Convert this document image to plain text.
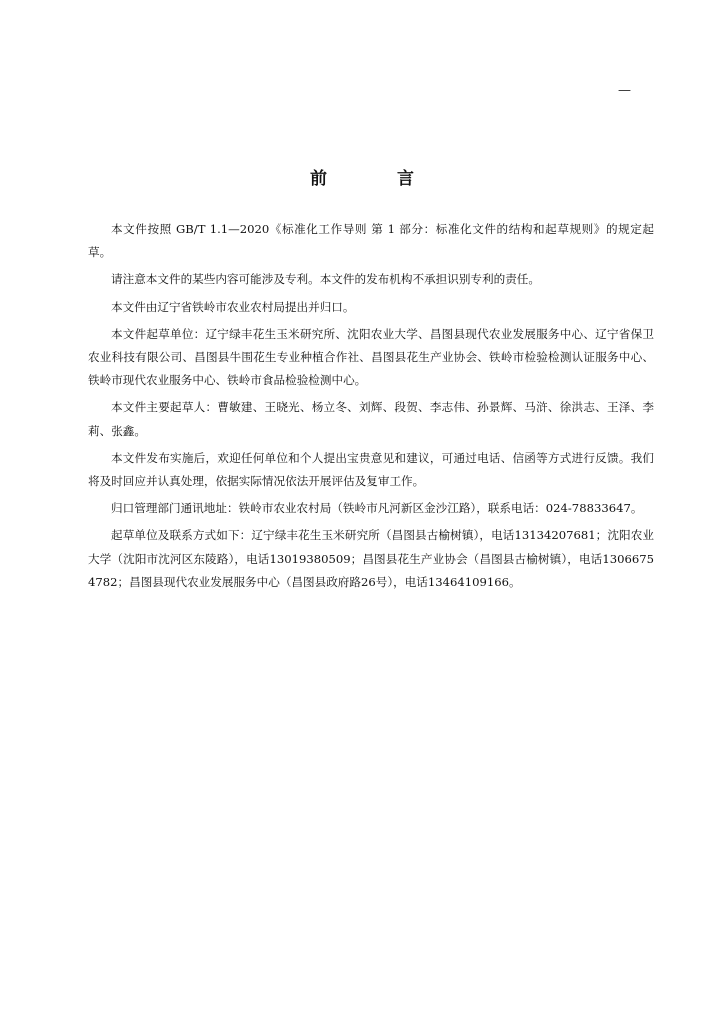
—
前 言

本文件按照 GB/T 1.1—2020《标准化工作导则 第 1 部分：标准化文件的结构和起草规则》的规定起草。

请注意本文件的某些内容可能涉及专利。本文件的发布机构不承担识别专利的责任。

本文件由辽宁省铁岭市农业农村局提出并归口。

本文件起草单位：辽宁绿丰花生玉米研究所、沈阳农业大学、昌图县现代农业发展服务中心、辽宁省保卫农业科技有限公司、昌图县牛围花生专业种植合作社、昌图县花生产业协会、铁岭市检验检测认证服务中心、铁岭市现代农业服务中心、铁岭市食品检验检测中心。

本文件主要起草人：曹敏建、王晓光、杨立冬、刘辉、段贺、李志伟、孙景辉、马浒、徐洪志、王泽、李莉、张鑫。

本文件发布实施后，欢迎任何单位和个人提出宝贵意见和建议，可通过电话、信函等方式进行反馈。我们将及时回应并认真处理，依据实际情况依法开展评估及复审工作。

归口管理部门通讯地址：铁岭市农业农村局（铁岭市凡河新区金沙江路），联系电话：024-78833647。

起草单位及联系方式如下：辽宁绿丰花生玉米研究所（昌图县古榆树镇），电话13134207681；沈阳农业大学（沈阳市沈河区东陵路），电话13019380509；昌图县花生产业协会（昌图县古榆树镇），电话13066754782；昌图县现代农业发展服务中心（昌图县政府路26号），电话13464109166。
